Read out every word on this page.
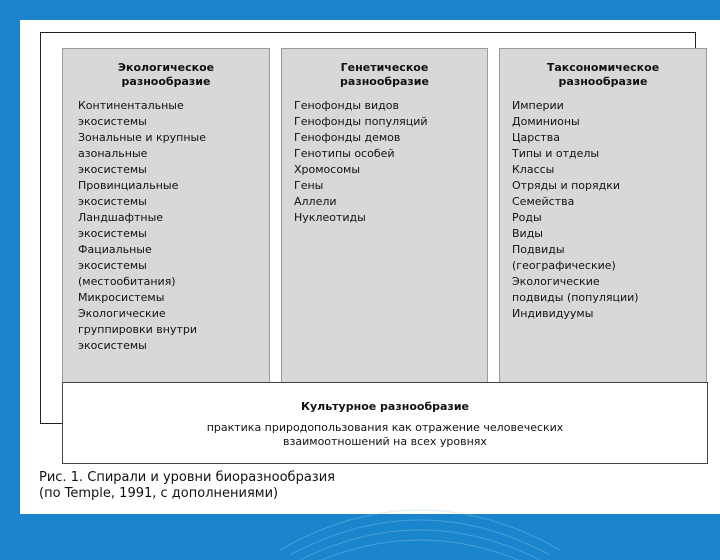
Экологическое
разнообразие
Континентальные
экосистемы
Зональные и крупные
азональные
экосистемы
Провинциальные
экосистемы
Ландшафтные
экосистемы
Фациальные
экосистемы
(местообитания)
Микросистемы
Экологические
группировки внутри
экосистемы
Генетическое
разнообразие
Генофонды видов
Генофонды популяций
Генофонды демов
Генотипы особей
Хромосомы
Гены
Аллели
Нуклеотиды
Таксономическое
разнообразие
Империи
Доминионы
Царства
Типы и отделы
Классы
Отряды и порядки
Семейства
Роды
Виды
Подвиды
(географические)
Экологические
подвиды (популяции)
Индивидуумы
Культурное разнообразие
практика природопользования как отражение человеческих
взаимоотношений на всех уровнях
Рис. 1. Спирали и уровни биоразнообразия
(по Temple, 1991, с дополнениями)
